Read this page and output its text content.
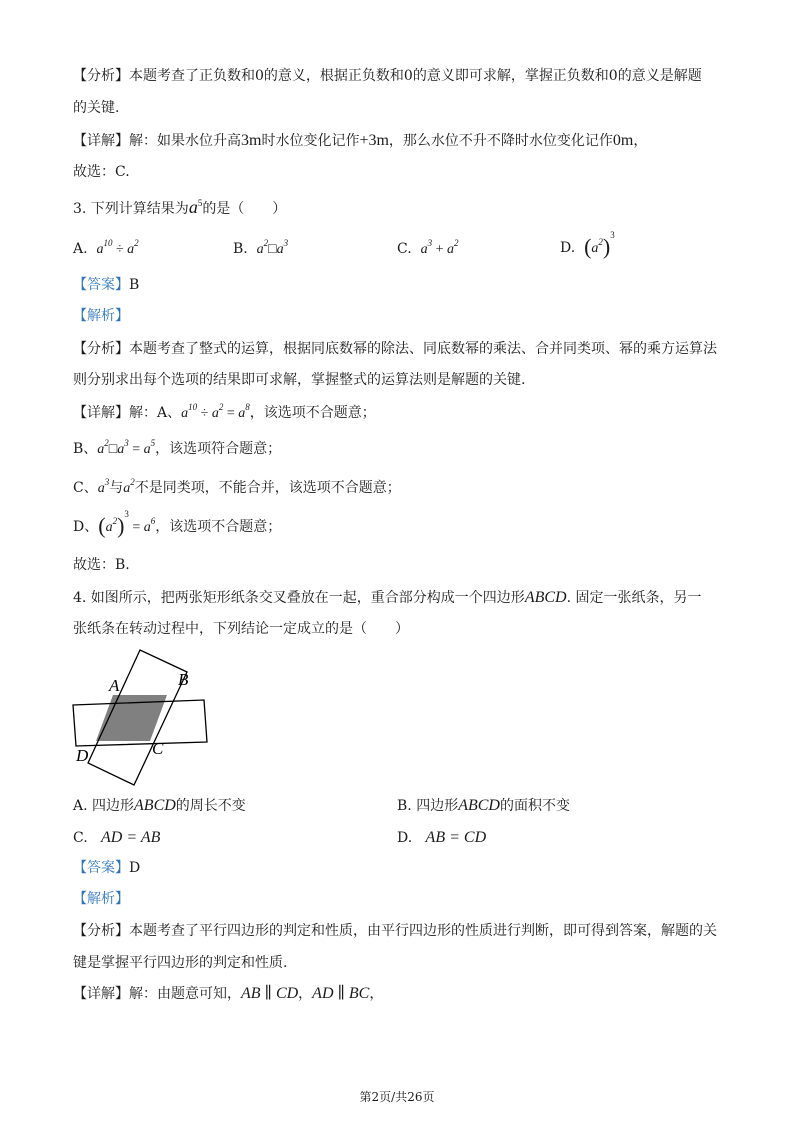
【分析】本题考查了正负数和0的意义，根据正负数和0的意义即可求解，掌握正负数和0的意义是解题
的关键.
【详解】解：如果水位升高3m时水位变化记作+3m，那么水位不升不降时水位变化记作0m，
故选：C.
3. 下列计算结果为$a^5$的是（　　）
A. $a^{10} \div a^2$	B. $a^2□a^3$	C. $a^3 + a^2$	D. $(a^2)^3$
【答案】B
【解析】
【分析】本题考查了整式的运算，根据同底数幂的除法、同底数幂的乘法、合并同类项、幂的乘方运算法
则分别求出每个选项的结果即可求解，掌握整式的运算法则是解题的关键.
【详解】解：A、$a^{10} \div a^2 = a^8$，该选项不合题意；
B、$a^2□a^3 = a^5$，该选项符合题意；
C、$a^3$与$a^2$不是同类项，不能合并，该选项不合题意；
D、$(a^2)^3 = a^6$，该选项不合题意；
故选：B.
4. 如图所示，把两张矩形纸条交叉叠放在一起，重合部分构成一个四边形ABCD. 固定一张纸条，另一
张纸条在转动过程中，下列结论一定成立的是（　　）
A	B
C
D
A. 四边形ABCD的周长不变	B. 四边形ABCD的面积不变
C. AD = AB	D. AB = CD
【答案】D
【解析】
【分析】本题考查了平行四边形的判定和性质，由平行四边形的性质进行判断，即可得到答案，解题的关
键是掌握平行四边形的判定和性质.
【详解】解：由题意可知，AB ∥ CD，AD ∥ BC，
第2页/共26页
